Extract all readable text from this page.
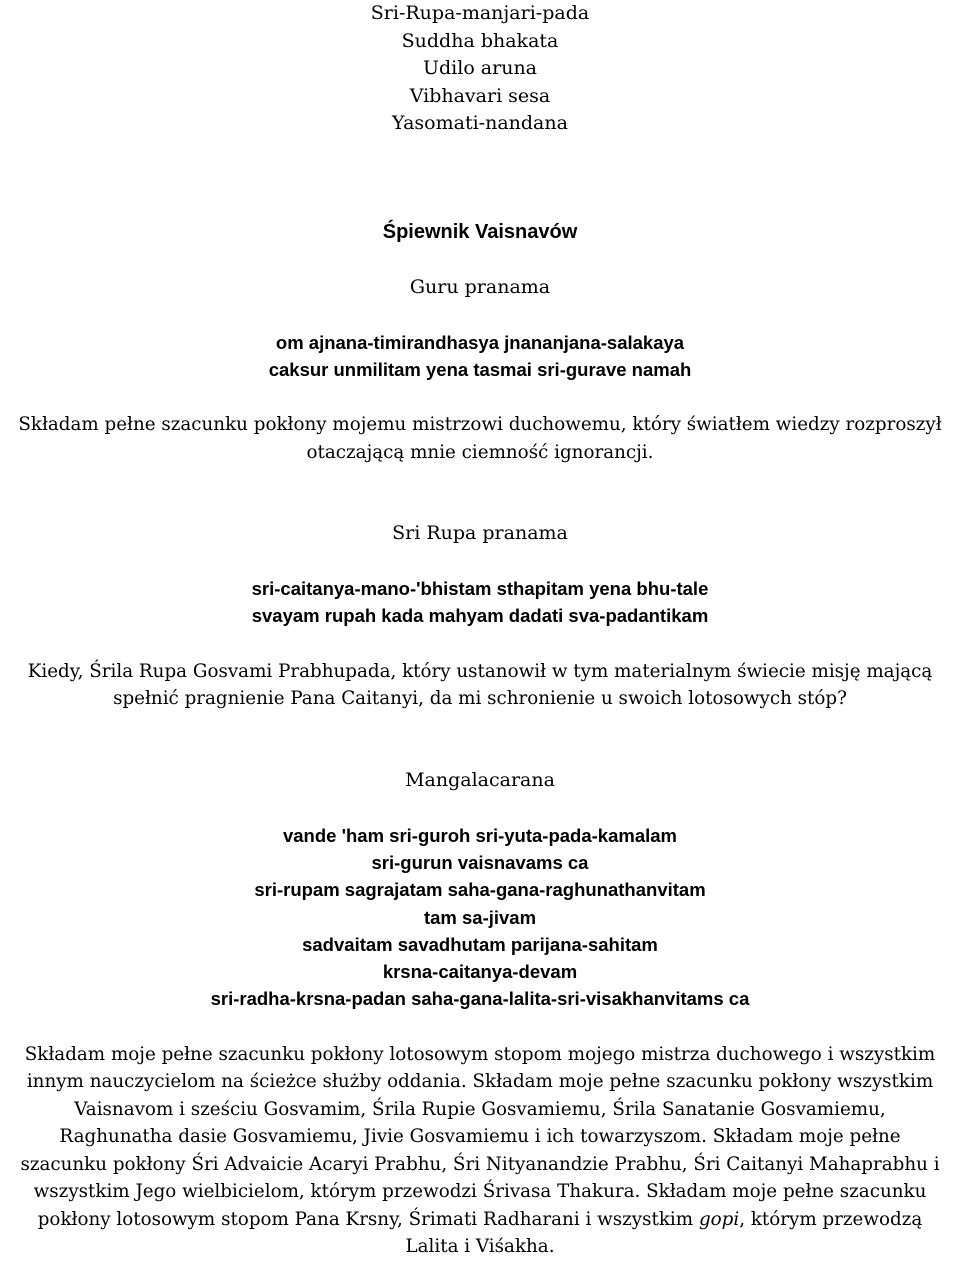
Sri-Rupa-manjari-pada
Suddha bhakata
Udilo aruna
Vibhavari sesa
Yasomati-nandana
Śpiewnik Vaisnavów
Guru pranama
om ajnana-timirandhasya jnananjana-salakaya
caksur unmilitam yena tasmai sri-gurave namah
Składam pełne szacunku pokłony mojemu mistrzowi duchowemu, który światłem wiedzy rozproszył
otaczającą mnie ciemność ignorancji.
Sri Rupa pranama
sri-caitanya-mano-'bhistam sthapitam yena bhu-tale
svayam rupah kada mahyam dadati sva-padantikam
Kiedy, Śrila Rupa Gosvami Prabhupada, który ustanowił w tym materialnym świecie misję mającą
spełnić pragnienie Pana Caitanyi, da mi schronienie u swoich lotosowych stóp?
Mangalacarana
vande 'ham sri-guroh sri-yuta-pada-kamalam
sri-gurun vaisnavams ca
sri-rupam sagrajatam saha-gana-raghunathanvitam
tam sa-jivam
sadvaitam savadhutam parijana-sahitam
krsna-caitanya-devam
sri-radha-krsna-padan saha-gana-lalita-sri-visakhanvitams ca
Składam moje pełne szacunku pokłony lotosowym stopom mojego mistrza duchowego i wszystkim
innym nauczycielom na ścieżce służby oddania. Składam moje pełne szacunku pokłony wszystkim
Vaisnavom i sześciu Gosvamim, Śrila Rupie Gosvamiemu, Śrila Sanatanie Gosvamiemu,
Raghunatha dasie Gosvamiemu, Jivie Gosvamiemu i ich towarzyszom. Składam moje pełne
szacunku pokłony Śri Advaicie Acaryi Prabhu, Śri Nityanandzie Prabhu, Śri Caitanyi Mahaprabhu i
wszystkim Jego wielbicielom, którym przewodzi Śrivasa Thakura. Składam moje pełne szacunku
pokłony lotosowym stopom Pana Krsny, Śrimati Radharani i wszystkim gopi, którym przewodzą
Lalita i Viśakha.
